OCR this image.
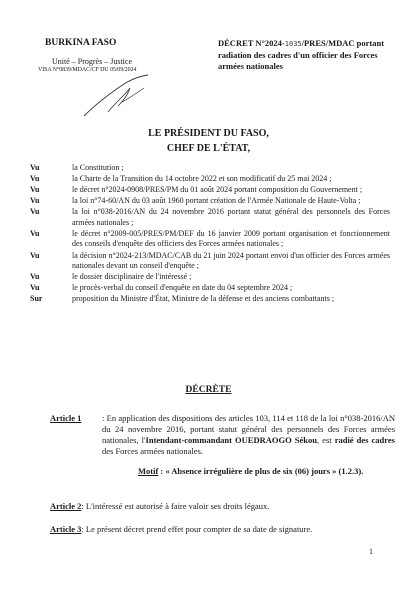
BURKINA FASO
Unité – Progrès – Justice
VISA N°0839/MDAC/CF DU 05/09/2024
DÉCRET N°2024-1035/PRES/MDAC portant radiation des cadres d'un officier des Forces armées nationales
LE PRÉSIDENT DU FASO,
CHEF DE L'ÉTAT,
Vu	la Constitution ;
Vu	la Charte de la Transition du 14 octobre 2022 et son modificatif du 25 mai 2024 ;
Vu	le décret n°2024-0908/PRES/PM du 01 août 2024 portant composition du Gouvernement ;
Vu	la loi n°74-60/AN du 03 août 1960 portant création de l'Armée Nationale de Haute-Volta ;
Vu	la loi n°038-2016/AN du 24 novembre 2016 portant statut général des personnels des Forces armées nationales ;
Vu	le décret n°2009-005/PRES/PM/DEF du 16 janvier 2009 portant organisation et fonctionnement des conseils d'enquête des officiers des Forces armées nationales ;
Vu	la décision n°2024-213/MDAC/CAB du 21 juin 2024 portant envoi d'un officier des Forces armées nationales devant un conseil d'enquête ;
Vu	le dossier disciplinaire de l'intéressé ;
Vu	le procès-verbal du conseil d'enquête en date du 04 septembre 2024 ;
Sur	proposition du Ministre d'État, Ministre de la défense et des anciens combattants ;
DÉCRÈTE
Article 1	: En application des dispositions des articles 103, 114 et 118 de la loi n°038-2016/AN du 24 novembre 2016, portant statut général des personnels des Forces armées nationales, l'Intendant-commandant OUEDRAOGO Sékou, est radié des cadres des Forces armées nationales.
Motif : « Absence irrégulière de plus de six (06) jours » (1.2.3).
Article 2 : L'intéressé est autorisé à faire valoir ses droits légaux.
Article 3 : Le présent décret prend effet pour compter de sa date de signature.
1
